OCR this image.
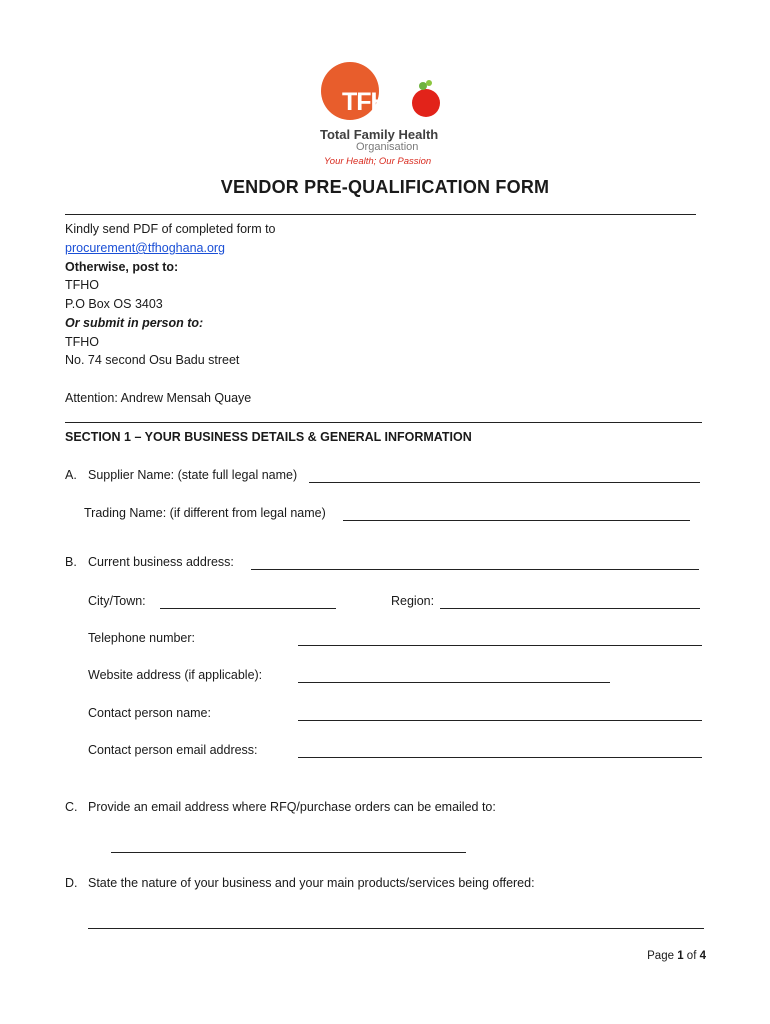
TFHO
Total Family Health
Organisation
Your Health; Our Passion
VENDOR PRE-QUALIFICATION FORM
Kindly send PDF of completed form to
procurement@tfhoghana.org
Otherwise, post to:
TFHO
P.O Box OS 3403
Or submit in person to:
TFHO
No. 74 second Osu Badu street
Attention: Andrew Mensah Quaye
SECTION 1 – YOUR BUSINESS DETAILS & GENERAL INFORMATION
A. Supplier Name: (state full legal name)
Trading Name: (if different from legal name)
B. Current business address:
City/Town:	Region:
Telephone number:
Website address (if applicable):
Contact person name:
Contact person email address:
C. Provide an email address where RFQ/purchase orders can be emailed to:
D. State the nature of your business and your main products/services being offered:
Page 1 of 4
